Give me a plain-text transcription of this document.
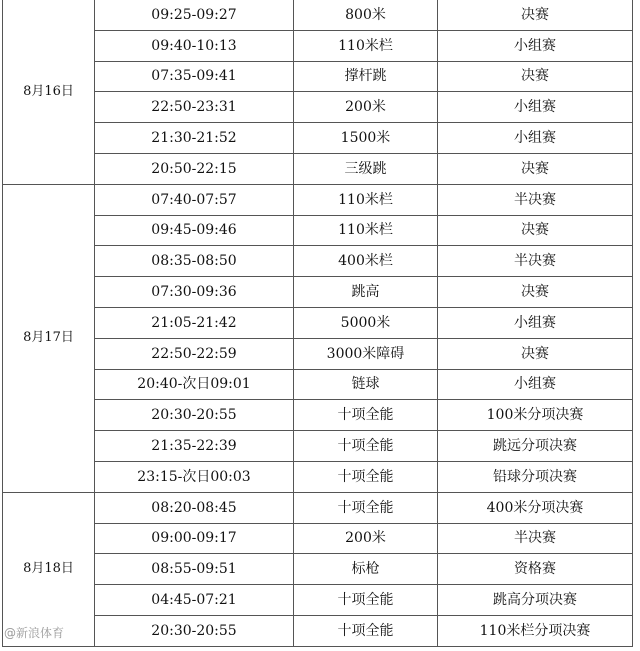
8月16日	09:25-09:27	800米	决赛
	09:40-10:13	110米栏	小组赛
	07:35-09:41	撑杆跳	决赛
	22:50-23:31	200米	小组赛
	21:30-21:52	1500米	小组赛
	20:50-22:15	三级跳	决赛
8月17日	07:40-07:57	110米栏	半决赛
	09:45-09:46	110米栏	决赛
	08:35-08:50	400米栏	半决赛
	07:30-09:36	跳高	决赛
	21:05-21:42	5000米	小组赛
	22:50-22:59	3000米障碍	决赛
	20:40-次日09:01	链球	小组赛
	20:30-20:55	十项全能	100米分项决赛
	21:35-22:39	十项全能	跳远分项决赛
	23:15-次日00:03	十项全能	铅球分项决赛
8月18日	08:20-08:45	十项全能	400米分项决赛
	09:00-09:17	200米	半决赛
	08:55-09:51	标枪	资格赛
	04:45-07:21	十项全能	跳高分项决赛
	20:30-20:55	十项全能	110米栏分项决赛
@新浪体育
